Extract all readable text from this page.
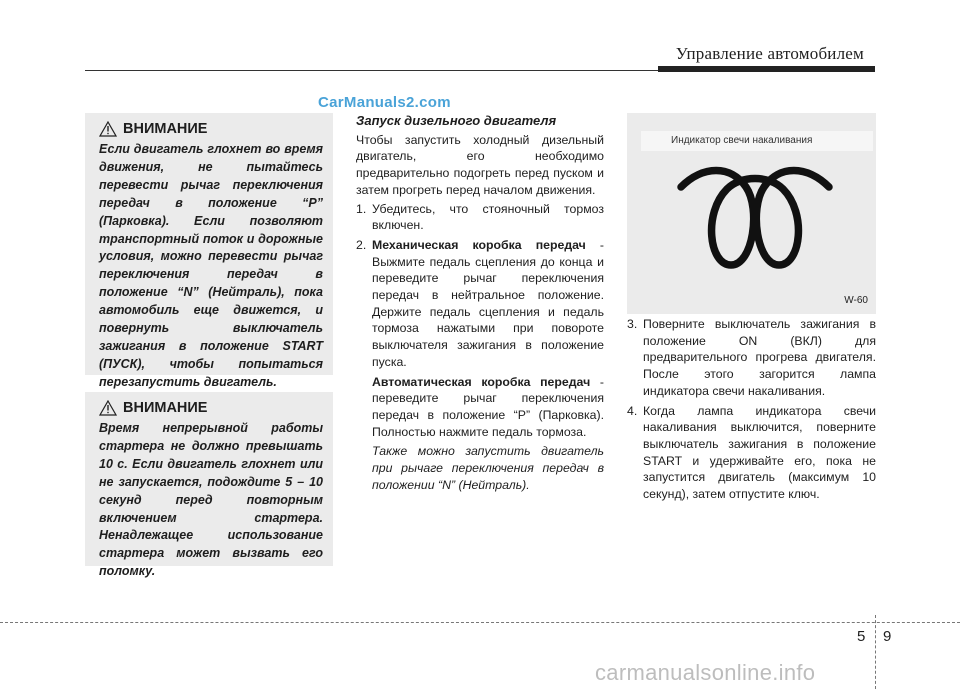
Управление автомобилем
CarManuals2.com
ВНИМАНИЕ

Если двигатель глохнет во время движения, не пытайтесь перевести рычаг переключения передач в положение “P” (Парковка). Если позволяют транспортный поток и дорожные условия, можно перевести рычаг переключения передач в положение “N” (Нейтраль), пока автомобиль еще движется, и повернуть выключатель зажигания в положение START (ПУСК), чтобы попытаться перезапустить двигатель.

ВНИМАНИЕ

Время непрерывной работы стартера не должно превышать 10 с. Если двигатель глохнет или не запускается, подождите 5 – 10 секунд перед повторным включением стартера. Ненадлежащее использование стартера может вызвать его поломку.

Запуск дизельного двигателя

Чтобы запустить холодный дизельный двигатель, его необходимо предварительно подогреть перед пуском и затем прогреть перед началом движения.

1. Убедитесь, что стояночный тормоз включен.
2. Механическая коробка передач - Выжмите педаль сцепления до конца и переведите рычаг переключения передач в нейтральное положение. Держите педаль сцепления и педаль тормоза нажатыми при повороте выключателя зажигания в положение пуска.
Автоматическая коробка передач - переведите рычаг переключения передач в положение “P” (Парковка). Полностью нажмите педаль тормоза.
Также можно запустить двигатель при рычаге переключения передач в положении “N” (Нейтраль).
Индикатор свечи накаливания
W-60
3. Поверните выключатель зажигания в положение ON (ВКЛ) для предварительного прогрева двигателя. После этого загорится лампа индикатора свечи накаливания.
4. Когда лампа индикатора свечи накаливания выключится, поверните выключатель зажигания в положение START и удерживайте его, пока не запустится двигатель (максимум 10 секунд), затем отпустите ключ.
5 9
carmanualsonline.info
